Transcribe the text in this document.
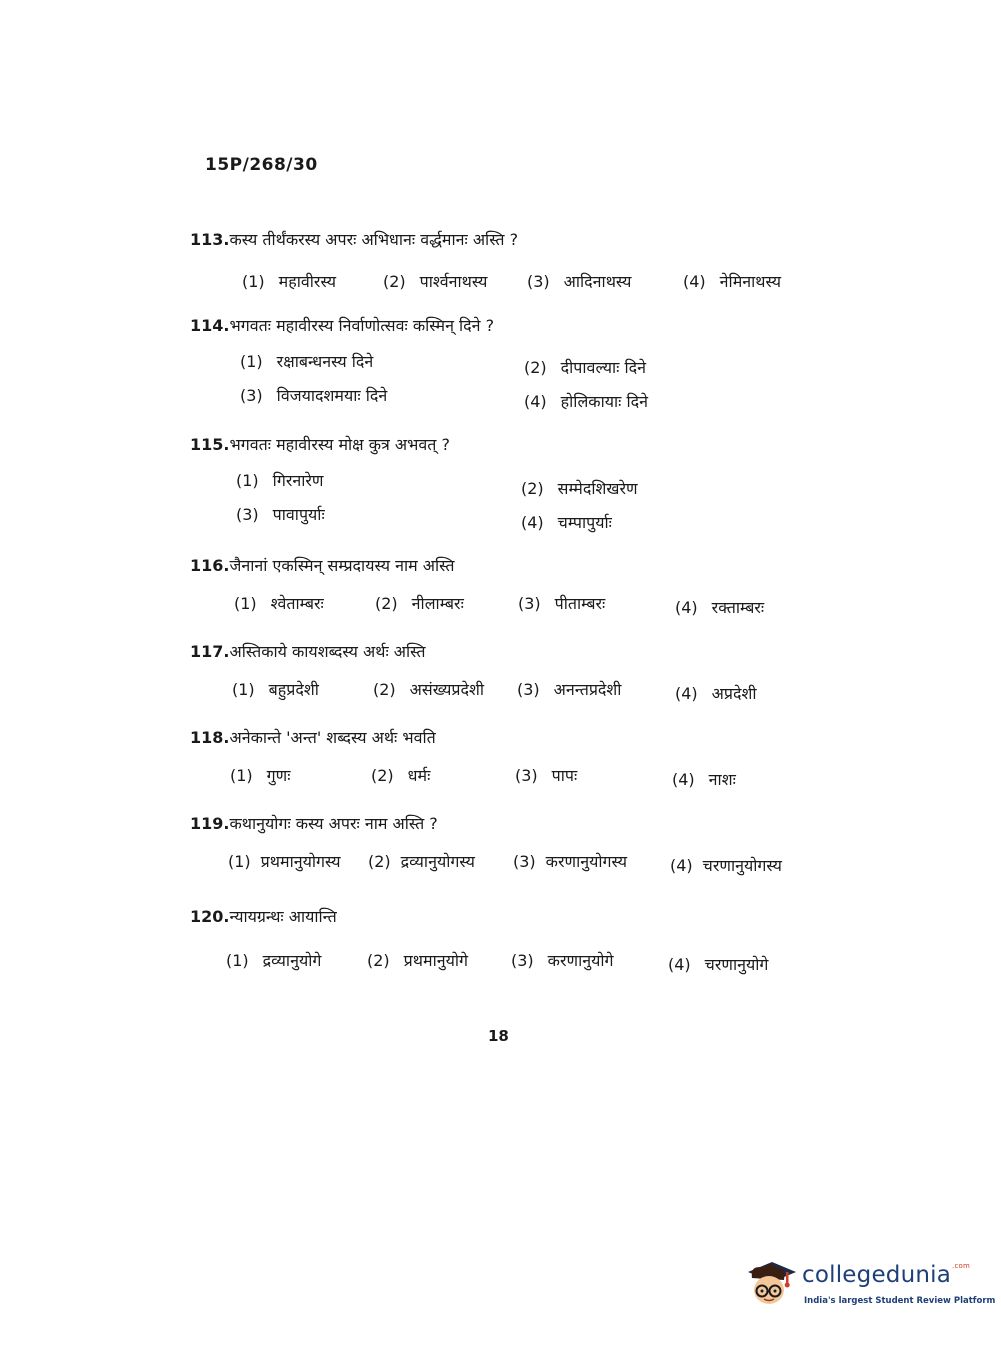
15P/268/30
113.कस्य तीर्थंकरस्य अपरः अभिधानः वर्द्धमानः अस्ति ?
(1) महावीरस्य	(2) पार्श्वनाथस्य (3) आदिनाथस्य	(4) नेमिनाथस्य
114.भगवतः महावीरस्य निर्वाणोत्सवः कस्मिन् दिने ?
(1) रक्षाबन्धनस्य दिने	(2) दीपावल्याः दिने
(3) विजयादशमयाः दिने	(4) होलिकायाः दिने
115.भगवतः महावीरस्य मोक्ष कुत्र अभवत् ?
(1) गिरनारेण	(2) सम्मेदशिखरेण
(3) पावापुर्याः	(4) चम्पापुर्याः
116.जैनानां एकस्मिन् सम्प्रदायस्य नाम अस्ति
(1) श्वेताम्बरः	(2) नीलाम्बरः	(3) पीताम्बरः	(4) रक्ताम्बरः
117.अस्तिकाये कायशब्दस्य अर्थः अस्ति
(1) बहुप्रदेशी	(2) असंख्यप्रदेशी (3) अनन्तप्रदेशी	(4) अप्रदेशी
118.अनेकान्ते 'अन्त' शब्दस्य अर्थः भवति
(1) गुणः	(2) धर्मः	(3) पापः	(4) नाशः
119.कथानुयोगः कस्य अपरः नाम अस्ति ?
(1) प्रथमानुयोगस्य (2) द्रव्यानुयोगस्य (3) करणानुयोगस्य	(4) चरणानुयोगस्य
120.न्यायग्रन्थः आयान्ति
(1) द्रव्यानुयोगे	(2) प्रथमानुयोगे	(3) करणानुयोगे	(4) चरणानुयोगे
18
collegedunia$^{.com}$
India's largest Student Review Platform
